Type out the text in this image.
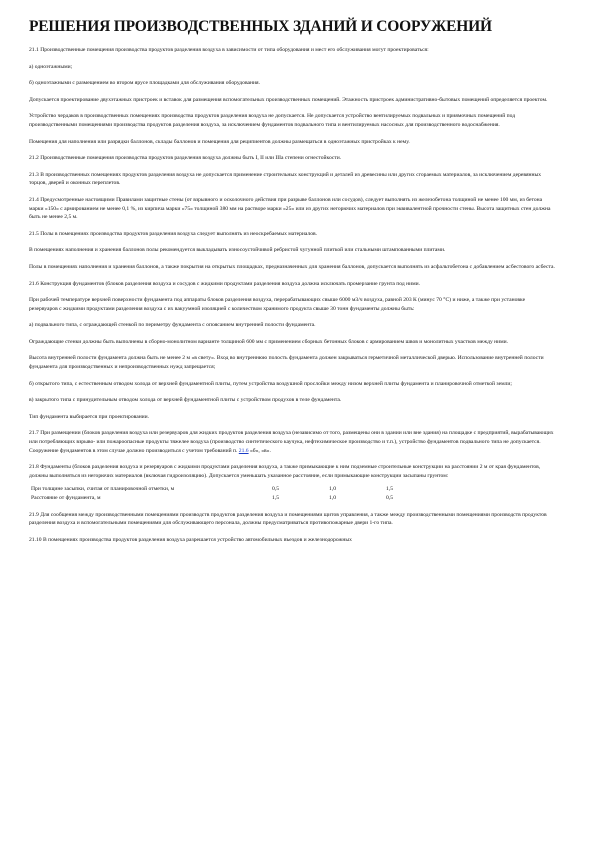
РЕШЕНИЯ ПРОИЗВОДСТВЕННЫХ ЗДАНИЙ И СООРУЖЕНИЙ

21.1 Производственные помещения производства продуктов разделения воздуха в зависимости от типа оборудования и мест его обслуживания могут проектироваться:

а) одноэтажными;

б) одноэтажными с размещением во втором ярусе площадками для обслуживания оборудования.

Допускается проектирование двухэтажных пристроек и вставок для размещения вспомогательных производственных помещений. Этажность пристроек административно-бытовых помещений определяется проектом.

Устройство чердаков в производственных помещениях производства продуктов разделения воздуха не допускается. Не допускается устройство вентилируемых подвальных и приямочных помещений под производственными помещениями производства продуктов разделения воздуха, за исключением фундаментов подвального типа и вентилируемых насосных для производственного водоснабжения.

Помещения для наполнения или разрядки баллонов, склады баллонов и помещения для реципиентов должны размещаться в одноэтажных пристройках к нему.

21.2 Производственные помещения производства продуктов разделения воздуха должны быть I, II или IIIа степени огнестойкости.

21.3 В производственных помещениях продуктов разделения воздуха не допускается применение строительных конструкций и деталей из древесины или других сгораемых материалов, за исключением деревянных торцов, дверей и оконных переплетов.

21.4 Предусмотренные настоящими Правилами защитные стены (от взрывного и осколочного действия при разрыве баллонов или сосудов), следует выполнять из железобетона толщиной не менее 100 мм, из бетона марки «150» с армированием не менее 0,1 %, из кирпича марки «75» толщиной 380 мм на растворе марки «25» или из других негорючих материалов при эквивалентной прочности стены. Высота защитных стен должна быть не менее 2,5 м.

21.5 Полы в помещениях производства продуктов разделения воздуха следует выполнять из неоскребаемых материалов.

В помещениях наполнения и хранения баллонов полы рекомендуется выкладывать износоустойчивой ребристой чугунной плиткой или стальными штампованными плитами.

Полы в помещениях наполнения и хранения баллонов, а также покрытия на открытых площадках, предназначенных для хранения баллонов, допускается выполнять из асфальтобетона с добавлением асбестового асбеста.

21.6 Конструкция фундаментов (блоков разделения воздуха и сосудов с жидкими продуктами разделения воздуха должна исключать промерзание грунта под ними.

При рабочей температуре верхней поверхности фундамента под аппараты блоков разделения воздуха, перерабатывающих свыше 6000 м3/ч воздуха, равной 203 К (минус 70 °С) и ниже, а также при установке резервуаров с жидкими продуктами разделения воздуха с их вакуумной изоляцией с количеством хранимого продукта свыше 30 тонн фундаменты должны быть:

а) подвального типа, с ограждающей стенкой по периметру фундамента с опоясанием внутренней полости фундамента.

Ограждающие стенки должны быть выполнены в сборно-монолитном варианте толщиной 600 мм с применением сборных бетонных блоков с армированием швов и монолитных участков между ними.

Высота внутренней полости фундамента должна быть не менее 2 м «в свету». Вход во внутреннюю полость фундамента должен закрываться герметичной металлической дверью. Использование внутренней полости фундамента для производственных и непроизводственных нужд запрещается;

б) открытого типа, с естественным отводом холода от верхней фундаментной плиты, путем устройства воздушной прослойки между низом верхней плиты фундамента и планировочной отметкой земли;

в) закрытого типа с принудительным отводом холода от верхней фундаментной плиты с устройством продухов в теле фундамента.

Тип фундамента выбирается при проектировании.

21.7 При размещении (блоков разделения воздуха или резервуаров для жидких продуктов разделения воздуха (независимо от того, размещены они в здании или вне здания) на площадке с предприятий, вырабатывающих или потребляющих взрыво- или пожароопасные продукты тяжелее воздуха (производство синтетического каучука, нефтехимическое производство и т.п.), устройство фундаментов подвального типа не допускается. Сооружение фундаментов в этом случае должно производиться с учетом требований п. 21.6 «б», «в».

21.8 Фундаменты (блоков разделения воздуха и резервуаров с жидкими продуктами разделения воздуха, а также примыкающие к ним подземные строительные конструкции на расстоянии 2 м от края фундаментов, должны выполняться из негорючих материалов (включая гидроизоляцию). Допускается уменьшать указанное расстояние, если примыкающие конструкции засыпаны грунтом:

При толщине засыпки, считая от планировочной отметки, м	0,5	1,0	1,5
Расстояние от фундамента, м	1,5	1,0	0,5

21.9 Для сообщения между производственными помещениями производств продуктов разделения воздуха и помещениями щитов управления, а также между производственными помещениями производств продуктов разделения воздуха и вспомогательными помещениями для обслуживающего персонала, должны предусматриваться противопожарные двери 1-го типа.

21.10 В помещениях производства продуктов разделения воздуха разрешается устройство автомобильных въездов и железнодорожных
